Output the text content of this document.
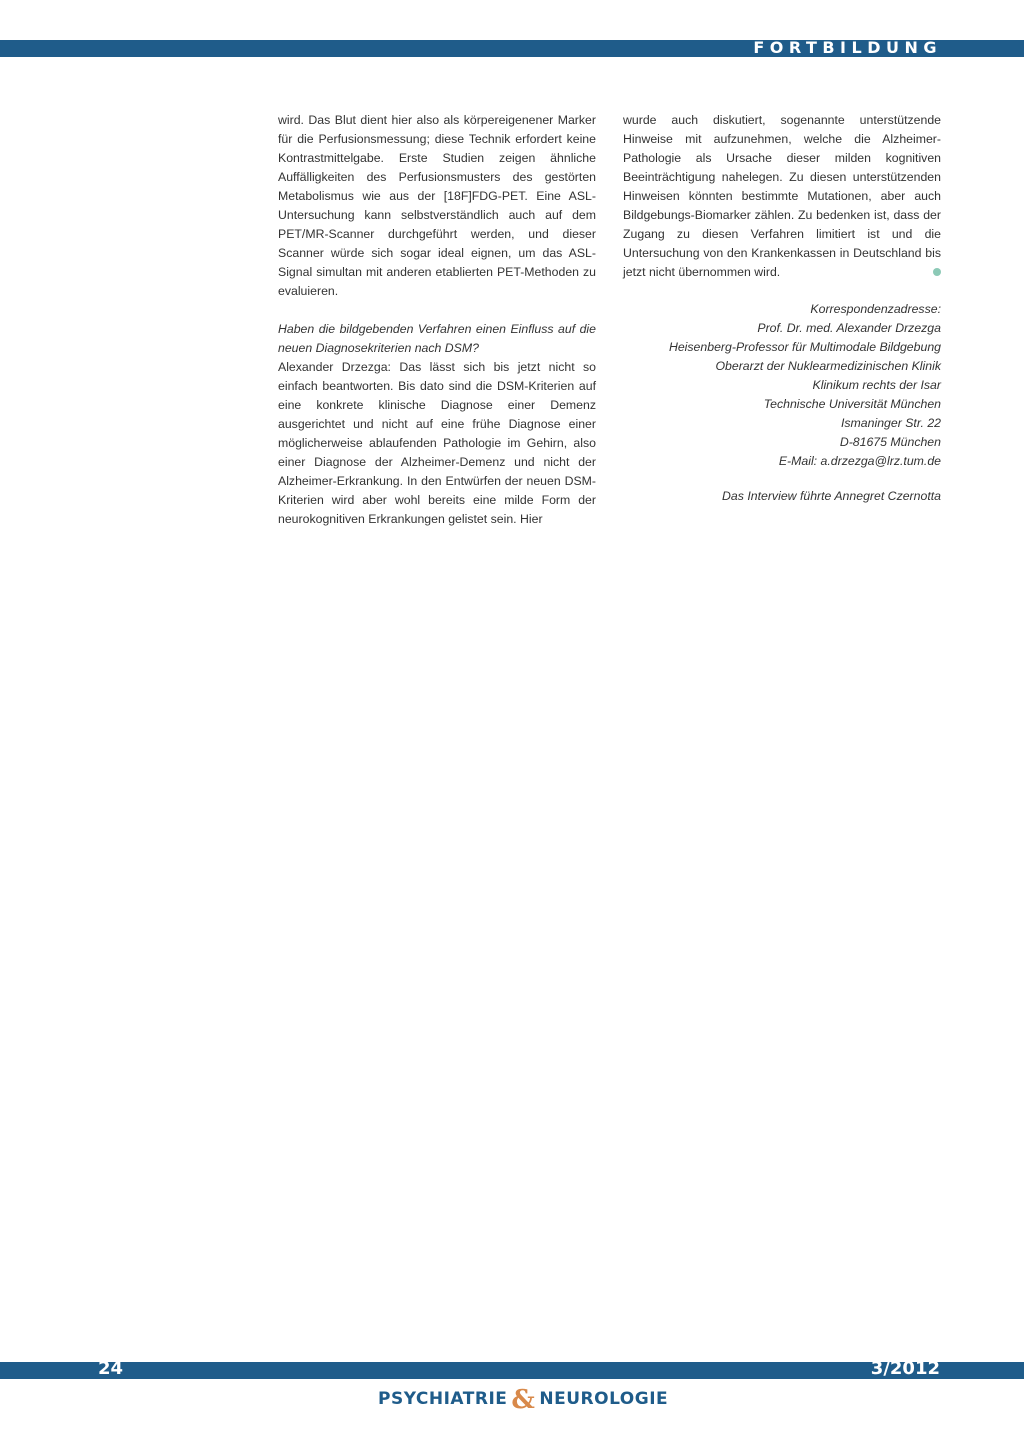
FORTBILDUNG

wird. Das Blut dient hier also als körpereigenener Marker für die Perfusionsmessung; diese Technik erfordert keine Kontrastmittelgabe. Erste Studien zeigen ähnliche Auffälligkeiten des Perfusionsmusters des gestörten Metabolismus wie aus der [18F]FDG-PET. Eine ASL-Untersuchung kann selbstverständlich auch auf dem PET/MR-Scanner durchgeführt werden, und dieser Scanner würde sich sogar ideal eignen, um das ASL-Signal simultan mit anderen etablierten PET-Methoden zu evaluieren.

Haben die bildgebenden Verfahren einen Einfluss auf die neuen Diagnosekriterien nach DSM?

Alexander Drzezga: Das lässt sich bis jetzt nicht so einfach beantworten. Bis dato sind die DSM-Kriterien auf eine konkrete klinische Diagnose einer Demenz ausgerichtet und nicht auf eine frühe Diagnose einer möglicherweise ablaufenden Pathologie im Gehirn, also einer Diagnose der Alzheimer-Demenz und nicht der Alzheimer-Erkrankung. In den Entwürfen der neuen DSM-Kriterien wird aber wohl bereits eine milde Form der neurokognitiven Erkrankungen gelistet sein. Hier

wurde auch diskutiert, sogenannte unterstützende Hinweise mit aufzunehmen, welche die Alzheimer-Pathologie als Ursache dieser milden kognitiven Beeinträchtigung nahelegen. Zu diesen unterstützenden Hinweisen könnten bestimmte Mutationen, aber auch Bildgebungs-Biomarker zählen. Zu bedenken ist, dass der Zugang zu diesen Verfahren limitiert ist und die Untersuchung von den Krankenkassen in Deutschland bis jetzt nicht übernommen wird.

Korrespondenzadresse:
Prof. Dr. med. Alexander Drzezga
Heisenberg-Professor für Multimodale Bildgebung
Oberarzt der Nuklearmedizinischen Klinik
Klinikum rechts der Isar
Technische Universität München
Ismaninger Str. 22
D-81675 München
E-Mail: a.drzezga@lrz.tum.de
Das Interview führte Annegret Czernotta
24	3/2012
PSYCHIATRIE & NEUROLOGIE
